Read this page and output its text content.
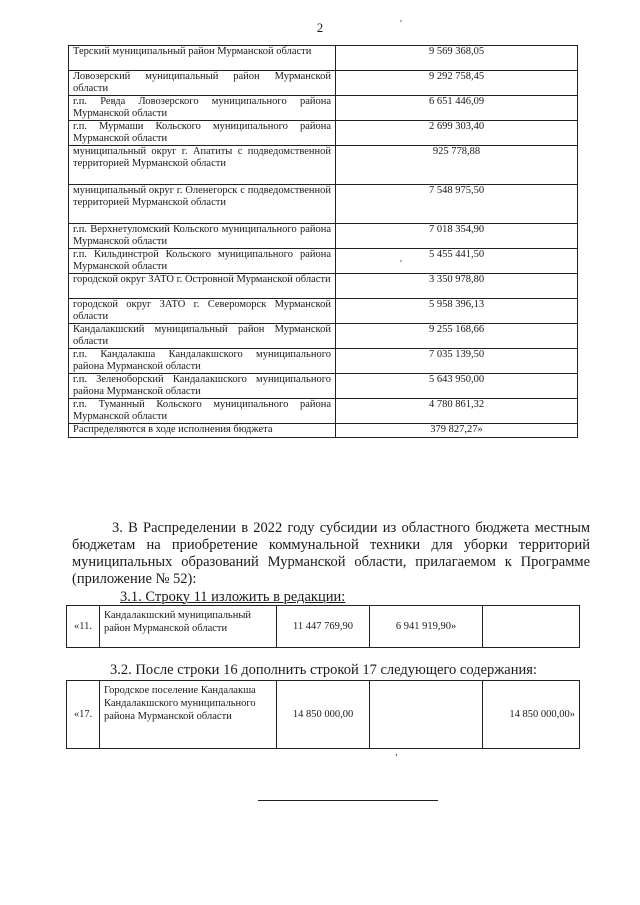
2	'
'
,
Терский муниципальный район Мурманской области	9 569 368,05
Ловозерский муниципальный район Мурманской области	9 292 758,45
г.п. Ревда Ловозерского муниципального района Мурманской области	6 651 446,09
г.п. Мурмаши Кольского муниципального района Мурманской области	2 699 303,40
муниципальный округ г. Апатиты с подведомственной территорией Мурманской области	925 778,88
муниципальный округ г. Оленегорск с подведомственной территорией Мурманской области	7 548 975,50
г.п. Верхнетуломский Кольского муниципального района Мурманской области	7 018 354,90
г.п. Кильдинстрой Кольского муниципального района Мурманской области	5 455 441,50
городской округ ЗАТО г. Островной Мурманской области	3 350 978,80
городской округ ЗАТО г. Североморск Мурманской области	5 958 396,13
Кандалакшский муниципальный район Мурманской области	9 255 168,66
г.п. Кандалакша Кандалакшского муниципального района Мурманской области	7 035 139,50
г.п. Зеленоборский Кандалакшского муниципального района Мурманской области	5 643 950,00
г.п. Туманный Кольского муниципального района Мурманской области	4 780 861,32
Распределяются в ходе исполнения бюджета	379 827,27»
3. В Распределении в 2022 году субсидии из областного бюджета местным бюджетам на приобретение коммунальной техники для уборки территорий муниципальных образований Мурманской области, прилагаемом к Программе (приложение № 52):
3.1. Строку 11 изложить в редакции:
«11.	Кандалакшский муниципальный район Мурманской области	11 447 769,90	6 941 919,90»	
3.2. После строки 16 дополнить строкой 17 следующего содержания:
«17.	Городское поселение Кандалакша Кандалакшского муниципального района Мурманской области	14 850 000,00		14 850 000,00»
